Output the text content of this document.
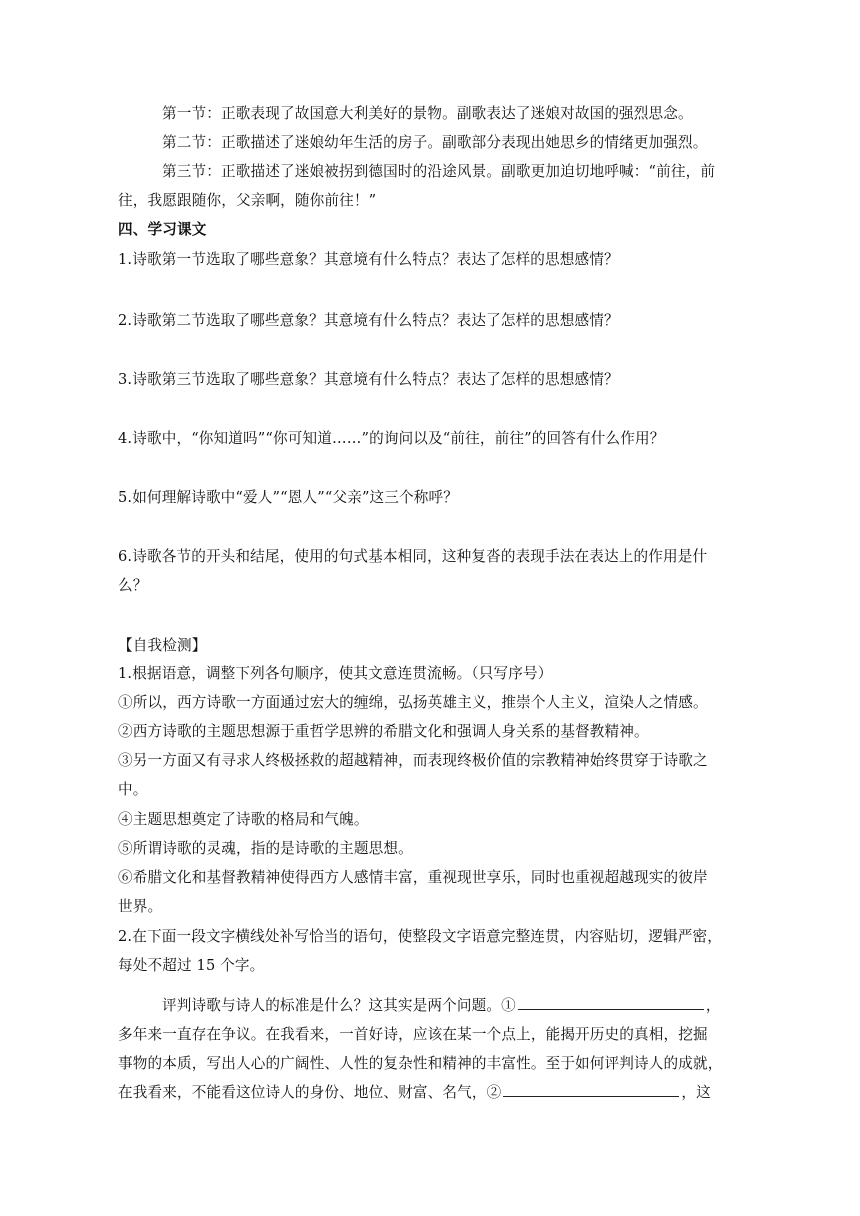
第一节：正歌表现了故国意大利美好的景物。副歌表达了迷娘对故国的强烈思念。

第二节：正歌描述了迷娘幼年生活的房子。副歌部分表现出她思乡的情绪更加强烈。

第三节：正歌描述了迷娘被拐到德国时的沿途风景。副歌更加迫切地呼喊：“前往，前

往，我愿跟随你，父亲啊，随你前往！”

四、学习课文

1.诗歌第一节选取了哪些意象？其意境有什么特点？表达了怎样的思想感情？

2.诗歌第二节选取了哪些意象？其意境有什么特点？表达了怎样的思想感情？

3.诗歌第三节选取了哪些意象？其意境有什么特点？表达了怎样的思想感情？

4.诗歌中，“你知道吗”“你可知道……”的询问以及“前往，前往”的回答有什么作用？

5.如何理解诗歌中“爱人”“恩人”“父亲”这三个称呼？

6.诗歌各节的开头和结尾，使用的句式基本相同，这种复沓的表现手法在表达上的作用是什

么？

【自我检测】

1.根据语意，调整下列各句顺序，使其文意连贯流畅。（只写序号）

①所以，西方诗歌一方面通过宏大的缠绵，弘扬英雄主义，推崇个人主义，渲染人之情感。

②西方诗歌的主题思想源于重哲学思辨的希腊文化和强调人身关系的基督教精神。

③另一方面又有寻求人终极拯救的超越精神，而表现终极价值的宗教精神始终贯穿于诗歌之

中。

④主题思想奠定了诗歌的格局和气魄。

⑤所谓诗歌的灵魂，指的是诗歌的主题思想。

⑥希腊文化和基督教精神使得西方人感情丰富，重视现世享乐，同时也重视超越现实的彼岸

世界。

2.在下面一段文字横线处补写恰当的语句，使整段文字语意完整连贯，内容贴切，逻辑严密，

每处不超过 15 个字。

评判诗歌与诗人的标准是什么？这其实是两个问题。①	，

多年来一直存在争议。在我看来，一首好诗，应该在某一个点上，能揭开历史的真相，挖掘

事物的本质，写出人心的广阔性、人性的复杂性和精神的丰富性。至于如何评判诗人的成就，

在我看来，不能看这位诗人的身份、地位、财富、名气，②	，这
